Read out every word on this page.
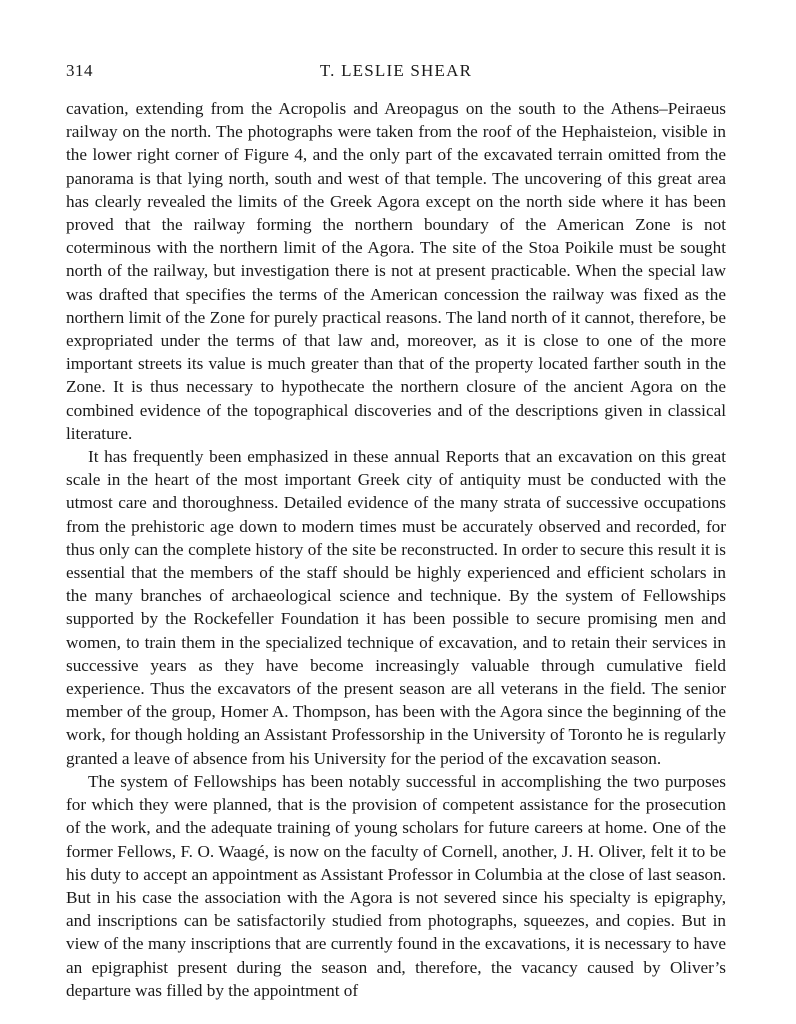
314	T. LESLIE SHEAR

cavation, extending from the Acropolis and Areopagus on the south to the Athens–Peiraeus railway on the north. The photographs were taken from the roof of the Hephaisteion, visible in the lower right corner of Figure 4, and the only part of the excavated terrain omitted from the panorama is that lying north, south and west of that temple. The uncovering of this great area has clearly revealed the limits of the Greek Agora except on the north side where it has been proved that the railway forming the northern boundary of the American Zone is not coterminous with the northern limit of the Agora. The site of the Stoa Poikile must be sought north of the railway, but investigation there is not at present practicable. When the special law was drafted that specifies the terms of the American concession the railway was fixed as the northern limit of the Zone for purely practical reasons. The land north of it cannot, therefore, be expropriated under the terms of that law and, moreover, as it is close to one of the more important streets its value is much greater than that of the property located farther south in the Zone. It is thus necessary to hypothecate the northern closure of the ancient Agora on the combined evidence of the topographical discoveries and of the descriptions given in classical literature.

It has frequently been emphasized in these annual Reports that an excavation on this great scale in the heart of the most important Greek city of antiquity must be conducted with the utmost care and thoroughness. Detailed evidence of the many strata of successive occupations from the prehistoric age down to modern times must be accurately observed and recorded, for thus only can the complete history of the site be reconstructed. In order to secure this result it is essential that the members of the staff should be highly experienced and efficient scholars in the many branches of archaeological science and technique. By the system of Fellowships supported by the Rockefeller Foundation it has been possible to secure promising men and women, to train them in the specialized technique of excavation, and to retain their services in successive years as they have become increasingly valuable through cumulative field experience. Thus the excavators of the present season are all veterans in the field. The senior member of the group, Homer A. Thompson, has been with the Agora since the beginning of the work, for though holding an Assistant Professorship in the University of Toronto he is regularly granted a leave of absence from his University for the period of the excavation season.

The system of Fellowships has been notably successful in accomplishing the two purposes for which they were planned, that is the provision of competent assistance for the prosecution of the work, and the adequate training of young scholars for future careers at home. One of the former Fellows, F. O. Waagé, is now on the faculty of Cornell, another, J. H. Oliver, felt it to be his duty to accept an appointment as Assistant Professor in Columbia at the close of last season. But in his case the association with the Agora is not severed since his specialty is epigraphy, and inscriptions can be satisfactorily studied from photographs, squeezes, and copies. But in view of the many inscriptions that are currently found in the excavations, it is necessary to have an epigraphist present during the season and, therefore, the vacancy caused by Oliver’s departure was filled by the appointment of
